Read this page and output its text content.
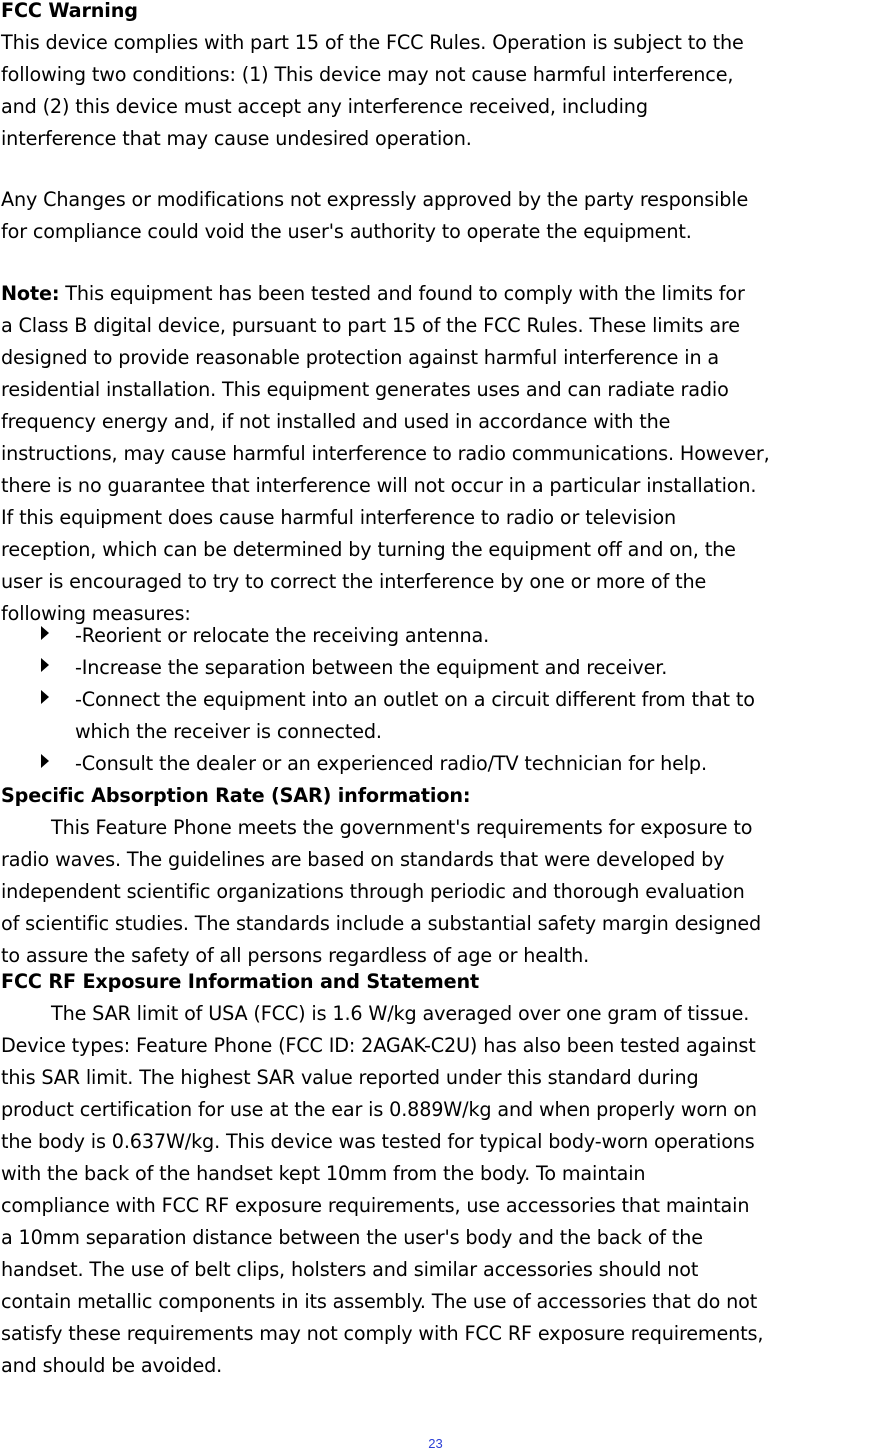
FCC Warning
This device complies with part 15 of the FCC Rules. Operation is subject to the
following two conditions: (1) This device may not cause harmful interference,
and (2) this device must accept any interference received, including
interference that may cause undesired operation.
Any Changes or modifications not expressly approved by the party responsible
for compliance could void the user's authority to operate the equipment.
Note: This equipment has been tested and found to comply with the limits for
a Class B digital device, pursuant to part 15 of the FCC Rules. These limits are
designed to provide reasonable protection against harmful interference in a
residential installation. This equipment generates uses and can radiate radio
frequency energy and, if not installed and used in accordance with the
instructions, may cause harmful interference to radio communications. However,
there is no guarantee that interference will not occur in a particular installation.
If this equipment does cause harmful interference to radio or television
reception, which can be determined by turning the equipment off and on, the
user is encouraged to try to correct the interference by one or more of the
following measures:
-Reorient or relocate the receiving antenna.
-Increase the separation between the equipment and receiver.
-Connect the equipment into an outlet on a circuit different from that to
which the receiver is connected.
-Consult the dealer or an experienced radio/TV technician for help.
Specific Absorption Rate (SAR) information:
This Feature Phone meets the government's requirements for exposure to
radio waves. The guidelines are based on standards that were developed by
independent scientific organizations through periodic and thorough evaluation
of scientific studies. The standards include a substantial safety margin designed
to assure the safety of all persons regardless of age or health.
FCC RF Exposure Information and Statement
The SAR limit of USA (FCC) is 1.6 W/kg averaged over one gram of tissue.
Device types: Feature Phone (FCC ID: 2AGAK-C2U) has also been tested against
this SAR limit. The highest SAR value reported under this standard during
product certification for use at the ear is 0.889W/kg and when properly worn on
the body is 0.637W/kg. This device was tested for typical body-worn operations
with the back of the handset kept 10mm from the body. To maintain
compliance with FCC RF exposure requirements, use accessories that maintain
a 10mm separation distance between the user's body and the back of the
handset. The use of belt clips, holsters and similar accessories should not
contain metallic components in its assembly. The use of accessories that do not
satisfy these requirements may not comply with FCC RF exposure requirements,
and should be avoided.
23
